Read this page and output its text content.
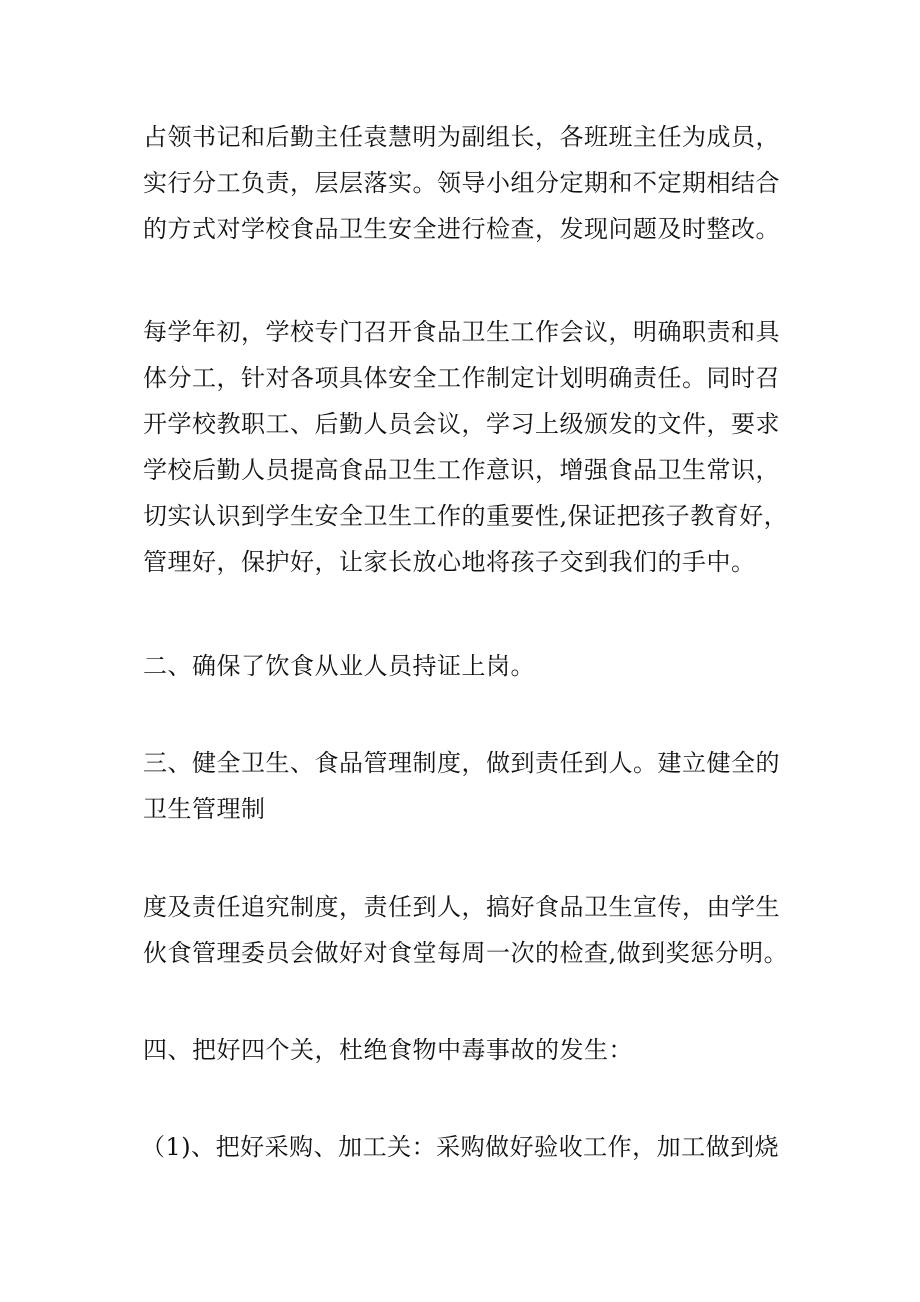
占领书记和后勤主任袁慧明为副组长，各班班主任为成员，
实行分工负责，层层落实。领导小组分定期和不定期相结合
的方式对学校食品卫生安全进行检查，发现问题及时整改。

每学年初，学校专门召开食品卫生工作会议，明确职责和具
体分工，针对各项具体安全工作制定计划明确责任。同时召
开学校教职工、后勤人员会议，学习上级颁发的文件，要求
学校后勤人员提高食品卫生工作意识，增强食品卫生常识，
切实认识到学生安全卫生工作的重要性,保证把孩子教育好，
管理好，保护好，让家长放心地将孩子交到我们的手中。

二、确保了饮食从业人员持证上岗。

三、健全卫生、食品管理制度，做到责任到人。建立健全的
卫生管理制

度及责任追究制度，责任到人，搞好食品卫生宣传，由学生
伙食管理委员会做好对食堂每周一次的检查,做到奖惩分明。

四、把好四个关，杜绝食物中毒事故的发生：

（1)、把好采购、加工关：采购做好验收工作，加工做到烧
